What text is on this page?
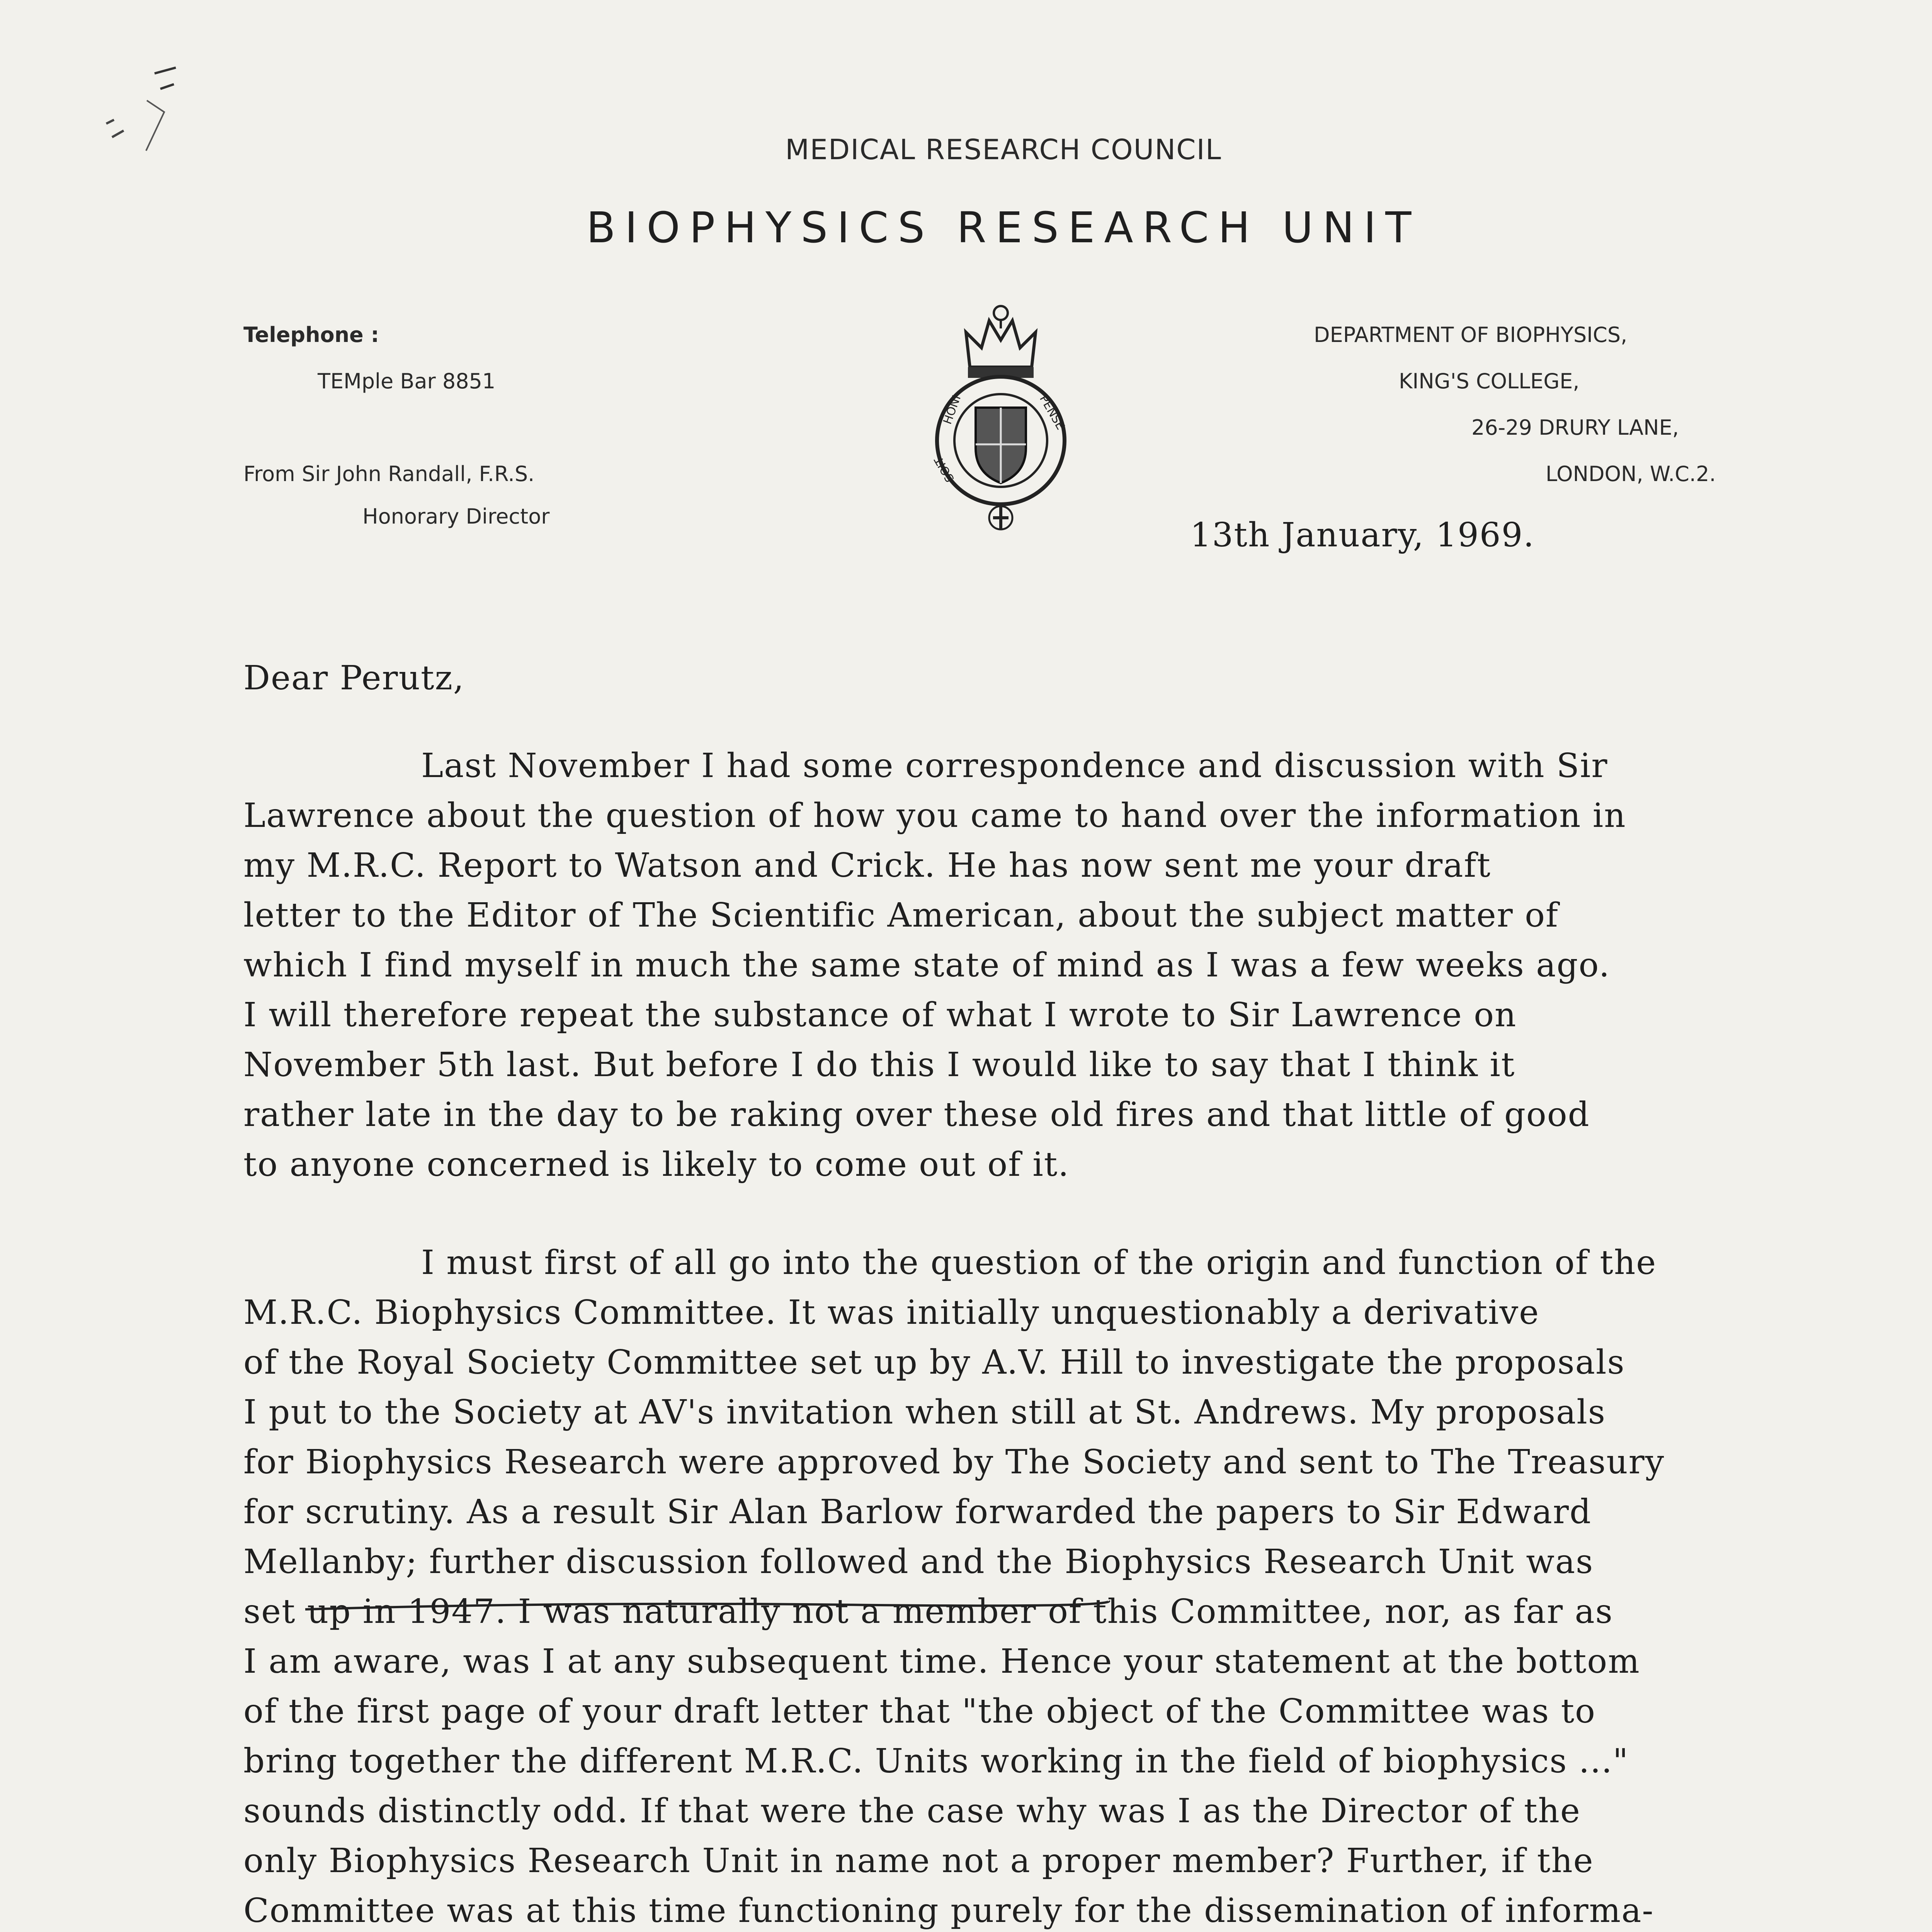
MEDICAL RESEARCH COUNCIL
BIOPHYSICS RESEARCH UNIT
Telephone :
TEMple Bar 8851
From Sir John Randall, F.R.S.
Honorary Director
DEPARTMENT OF BIOPHYSICS,
KING'S COLLEGE,
26-29 DRURY LANE,
LONDON, W.C.2.
HONI	PENSE
SOIT
13th January, 1969.
Dear Perutz,
Last November I had some correspondence and discussion with Sir
Lawrence about the question of how you came to hand over the information in
my M.R.C. Report to Watson and Crick. He has now sent me your draft
letter to the Editor of The Scientific American, about the subject matter of
which I find myself in much the same state of mind as I was a few weeks ago.
I will therefore repeat the substance of what I wrote to Sir Lawrence on
November 5th last. But before I do this I would like to say that I think it
rather late in the day to be raking over these old fires and that little of good
to anyone concerned is likely to come out of it.
I must first of all go into the question of the origin and function of the
M.R.C. Biophysics Committee. It was initially unquestionably a derivative
of the Royal Society Committee set up by A.V. Hill to investigate the proposals
I put to the Society at AV's invitation when still at St. Andrews. My proposals
for Biophysics Research were approved by The Society and sent to The Treasury
for scrutiny. As a result Sir Alan Barlow forwarded the papers to Sir Edward
Mellanby; further discussion followed and the Biophysics Research Unit was
set up in 1947. I was naturally not a member of this Committee, nor, as far as
I am aware, was I at any subsequent time. Hence your statement at the bottom
of the first page of your draft letter that "the object of the Committee was to
bring together the different M.R.C. Units working in the field of biophysics ..."
sounds distinctly odd. If that were the case why was I as the Director of the
only Biophysics Research Unit in name not a proper member? Further, if the
Committee was at this time functioning purely for the dissemination of informa-
